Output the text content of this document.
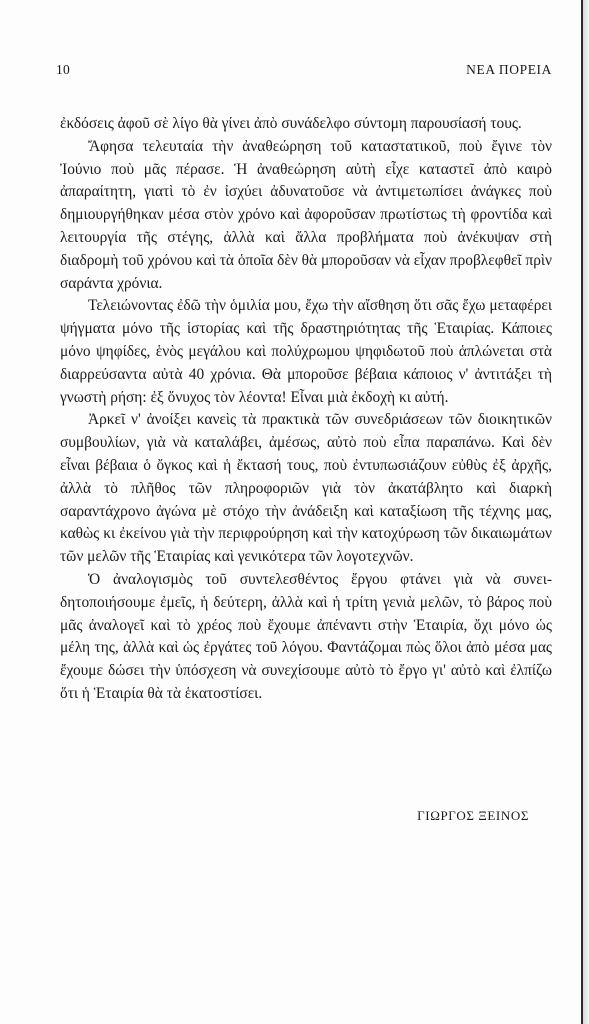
10	ΝΕΑ ΠΟΡΕΙΑ

ἐκδόσεις ἀφοῦ σὲ λίγο θὰ γίνει ἀπὸ συνάδελφο σύντομη παρουσίασή τους.

Ἄφησα τελευταία τὴν ἀναθεώρηση τοῦ καταστατικοῦ, ποὺ ἔγινε τὸν Ἰούνιο ποὺ μᾶς πέρασε. Ἡ ἀναθεώρηση αὐτὴ εἶχε καταστεῖ ἀπὸ καιρὸ ἀπαραίτητη, γιατὶ τὸ ἐν ἰσχύει ἀδυνατοῦσε νὰ ἀντιμετωπίσει ἀνάγκες ποὺ δημιουργήθηκαν μέσα στὸν χρόνο καὶ ἀφοροῦσαν πρωτίστως τὴ φροντίδα καὶ λειτουργία τῆς στέγης, ἀλλὰ καὶ ἄλλα προβλήματα ποὺ ἀνέκυψαν στὴ διαδρομὴ τοῦ χρόνου καὶ τὰ ὁποῖα δὲν θὰ μποροῦσαν νὰ εἶχαν προβλεφθεῖ πρὶν σαράντα χρόνια.

Τελειώνοντας ἐδῶ τὴν ὁμιλία μου, ἔχω τὴν αἴσθηση ὅτι σᾶς ἔχω μεταφέρει ψήγματα μόνο τῆς ἱστορίας καὶ τῆς δραστηριότητας τῆς Ἑταιρίας. Κάποιες μόνο ψηφίδες, ἑνὸς μεγάλου καὶ πολύχρωμου ψηφιδωτοῦ ποὺ ἁπλώνεται στὰ διαρρεύσαντα αὐτὰ 40 χρόνια. Θὰ μποροῦσε βέβαια κάποιος ν' ἀντιτάξει τὴ γνωστὴ ρήση: ἐξ ὄνυχος τὸν λέοντα! Εἶναι μιὰ ἐκδοχὴ κι αὐτή.

Ἀρκεῖ ν' ἀνοίξει κανεὶς τὰ πρακτικὰ τῶν συνεδριάσεων τῶν διοικητικῶν συμβουλίων, γιὰ νὰ καταλάβει, ἀμέσως, αὐτὸ ποὺ εἶπα παραπάνω. Καὶ δὲν εἶναι βέβαια ὁ ὄγκος καὶ ἡ ἔκτασή τους, ποὺ ἐντυπωσιάζουν εὐθὺς ἐξ ἀρχῆς, ἀλλὰ τὸ πλῆθος τῶν πληροφοριῶν γιὰ τὸν ἀκατάβλητο καὶ διαρκὴ σαραντάχρονο ἀγώνα μὲ στόχο τὴν ἀνάδειξη καὶ καταξίωση τῆς τέχνης μας, καθὼς κι ἐκείνου γιὰ τὴν περιφρούρηση καὶ τὴν κατοχύρωση τῶν δικαιωμάτων τῶν μελῶν τῆς Ἑταιρίας καὶ γενικότερα τῶν λογοτεχνῶν.

Ὁ ἀναλογισμὸς τοῦ συντελεσθέντος ἔργου φτάνει γιὰ νὰ συνειδητοποιήσουμε ἐμεῖς, ἡ δεύτερη, ἀλλὰ καὶ ἡ τρίτη γενιὰ μελῶν, τὸ βάρος ποὺ μᾶς ἀναλογεῖ καὶ τὸ χρέος ποὺ ἔχουμε ἀπέναντι στὴν Ἑταιρία, ὄχι μόνο ὡς μέλη της, ἀλλὰ καὶ ὡς ἐργάτες τοῦ λόγου. Φαντάζομαι πὼς ὅλοι ἀπὸ μέσα μας ἔχουμε δώσει τὴν ὑπόσχεση νὰ συνεχίσουμε αὐτὸ τὸ ἔργο γι' αὐτὸ καὶ ἐλπίζω ὅτι ἡ Ἑταιρία θὰ τὰ ἑκατοστίσει.

ΓΙΩΡΓΟΣ ΞΕΙΝΟΣ
